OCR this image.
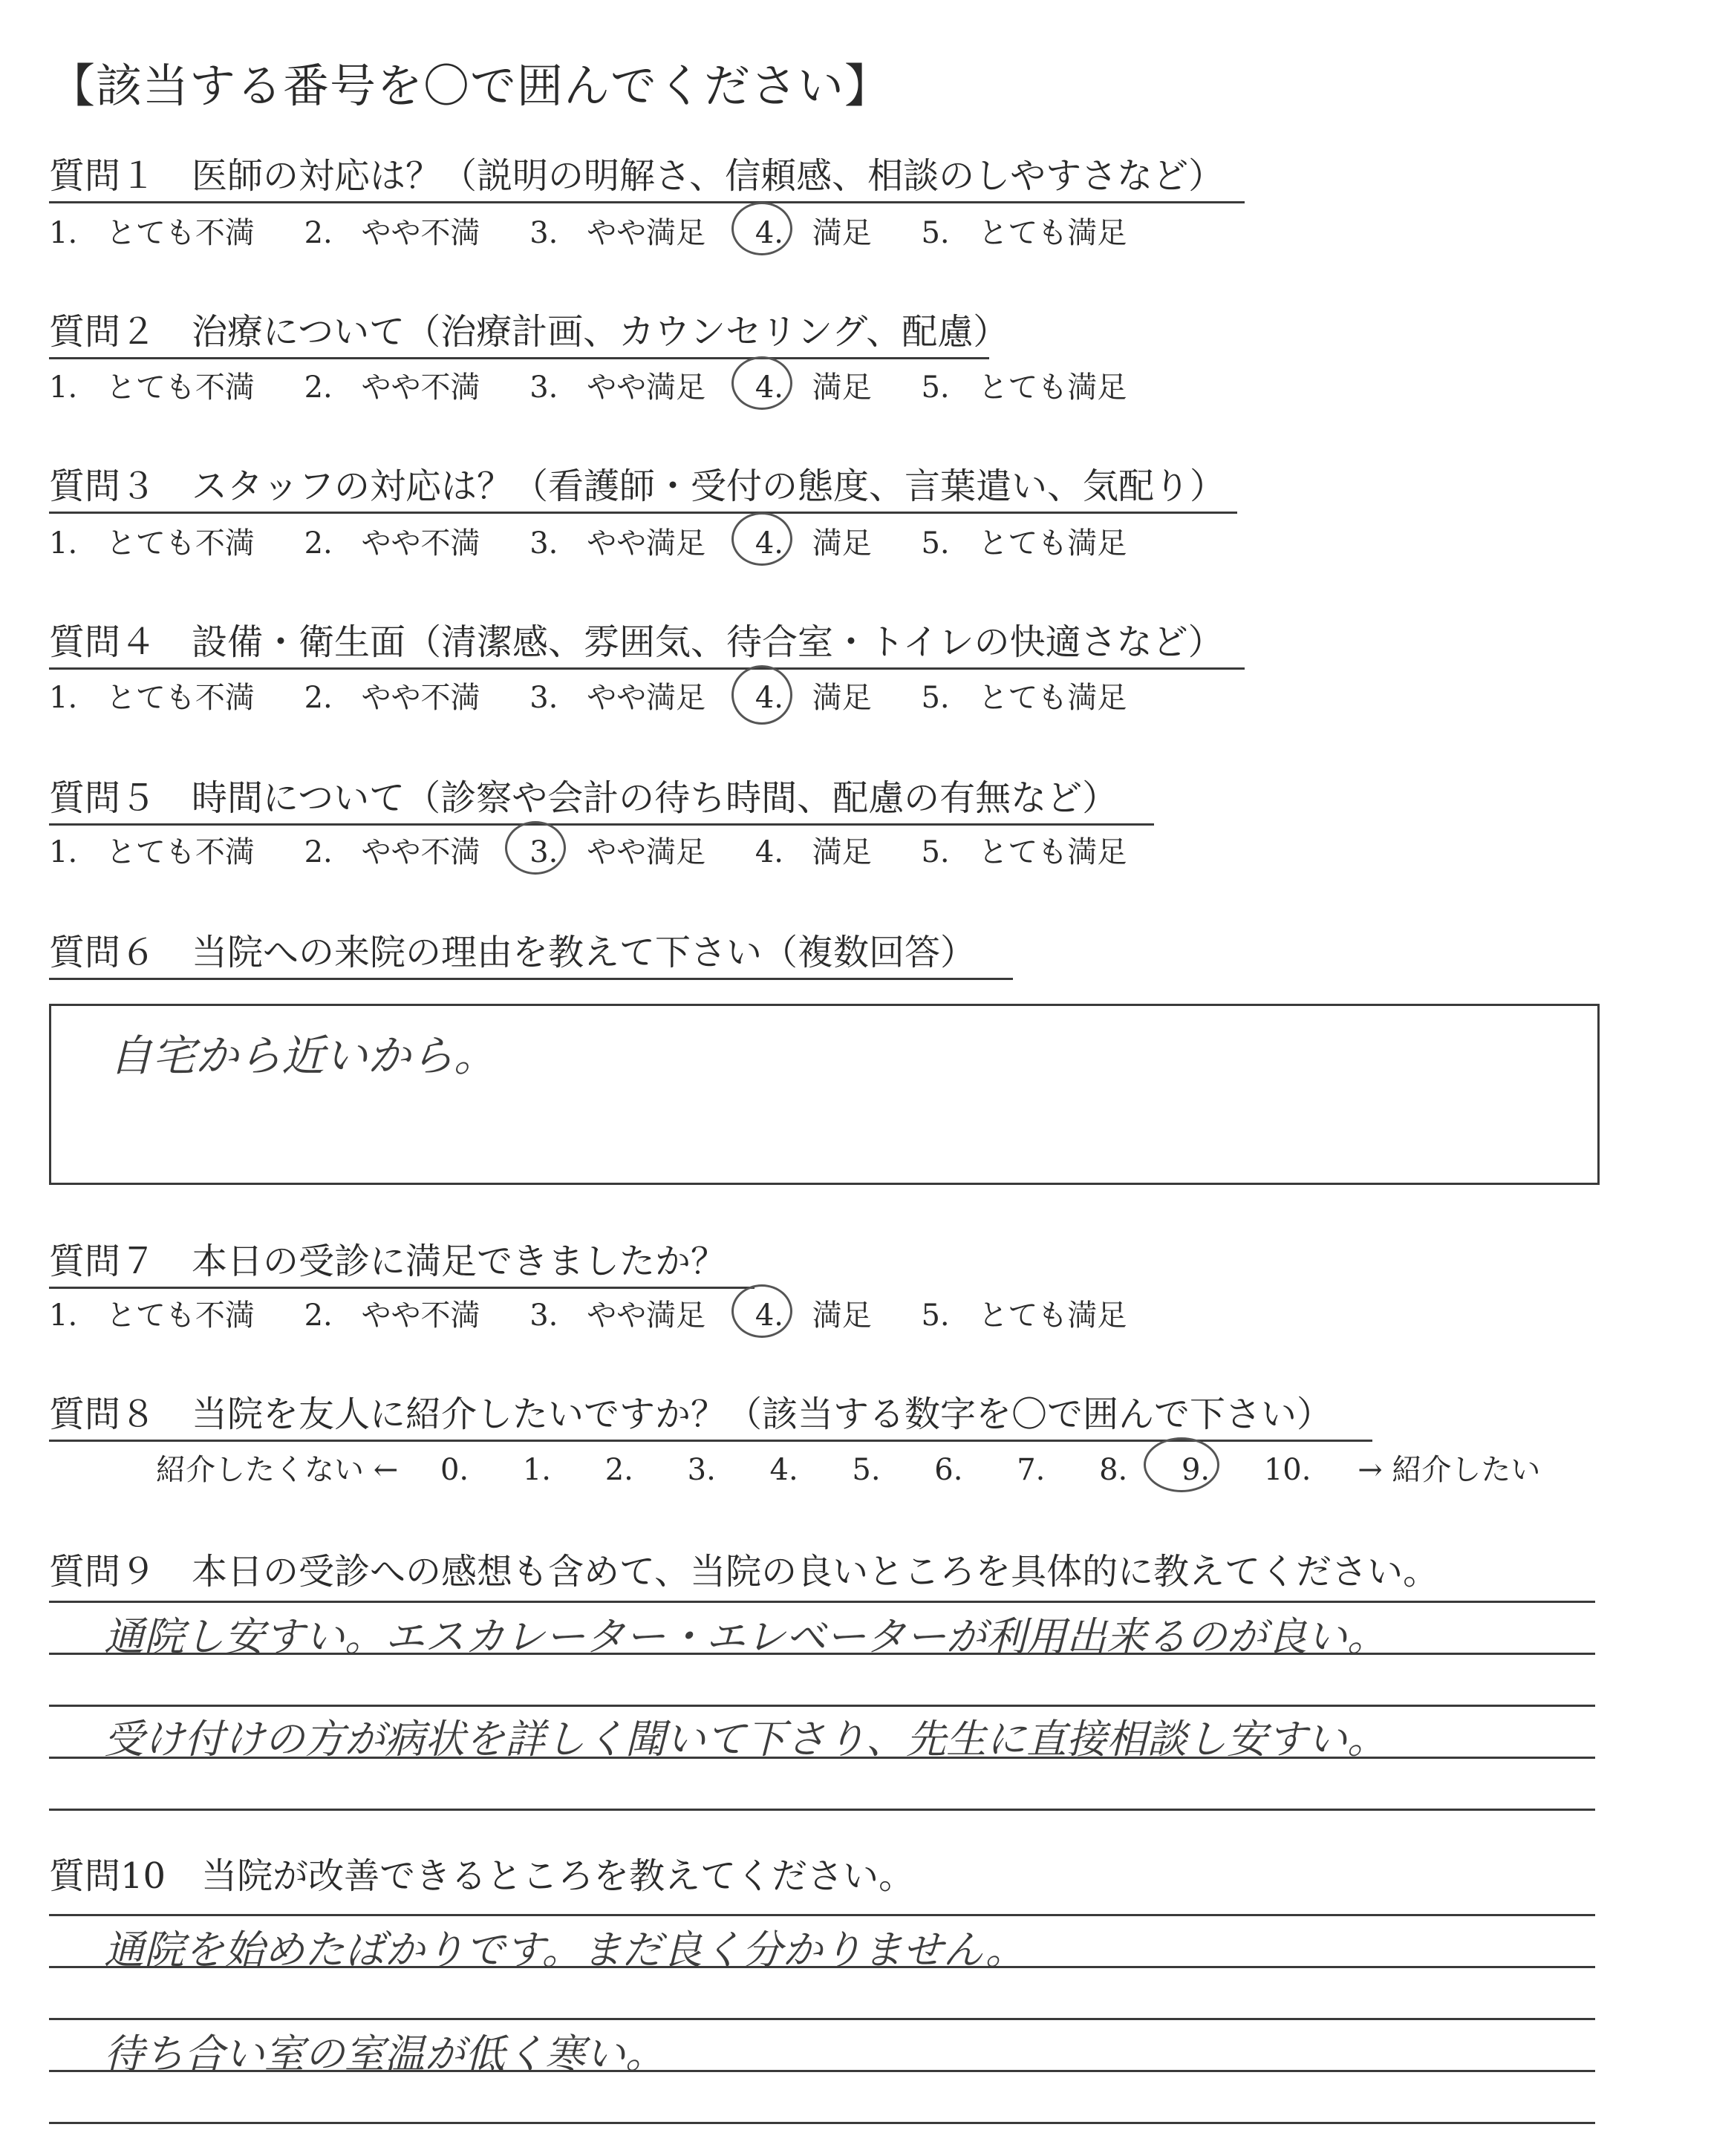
【該当する番号を〇で囲んでください】
質問１　 医師の対応は？（説明の明解さ、信頼感、相談のしやすさなど）
1. とても不満 2. やや不満 3. やや満足 4. 満足 5. とても満足
質問２　 治療について（治療計画、カウンセリング、配慮）
1. とても不満 2. やや不満 3. やや満足 4. 満足 5. とても満足
質問３　 スタッフの対応は？（看護師・受付の態度、言葉遣い、気配り）
1. とても不満 2. やや不満 3. やや満足 4. 満足 5. とても満足
質問４　 設備・衛生面（清潔感、雰囲気、待合室・トイレの快適さなど）
1. とても不満 2. やや不満 3. やや満足 4. 満足 5. とても満足
質問５　 時間について（診察や会計の待ち時間、配慮の有無など）
1. とても不満 2. やや不満 3. やや満足 4. 満足 5. とても満足
質問６　 当院への来院の理由を教えて下さい（複数回答）
自宅から近いから。
質問７　 本日の受診に満足できましたか？
1. とても不満 2. やや不満 3. やや満足 4. 満足 5. とても満足
質問８　 当院を友人に紹介したいですか？（該当する数字を〇で囲んで下さい）
紹介したくない ← 0. 1. 2. 3. 4. 5. 6. 7. 8. 9. 10. → 紹介したい
質問９　 本日の受診への感想も含めて、当院の良いところを具体的に教えてください。
通院し安すい。エスカレーター・エレベーターが利用出来るのが良い。
受け付けの方が病状を詳しく聞いて下さり、先生に直接相談し安すい。
質問10　 当院が改善できるところを教えてください。
通院を始めたばかりです。まだ良く分かりません。
待ち合い室の室温が低く寒い。
